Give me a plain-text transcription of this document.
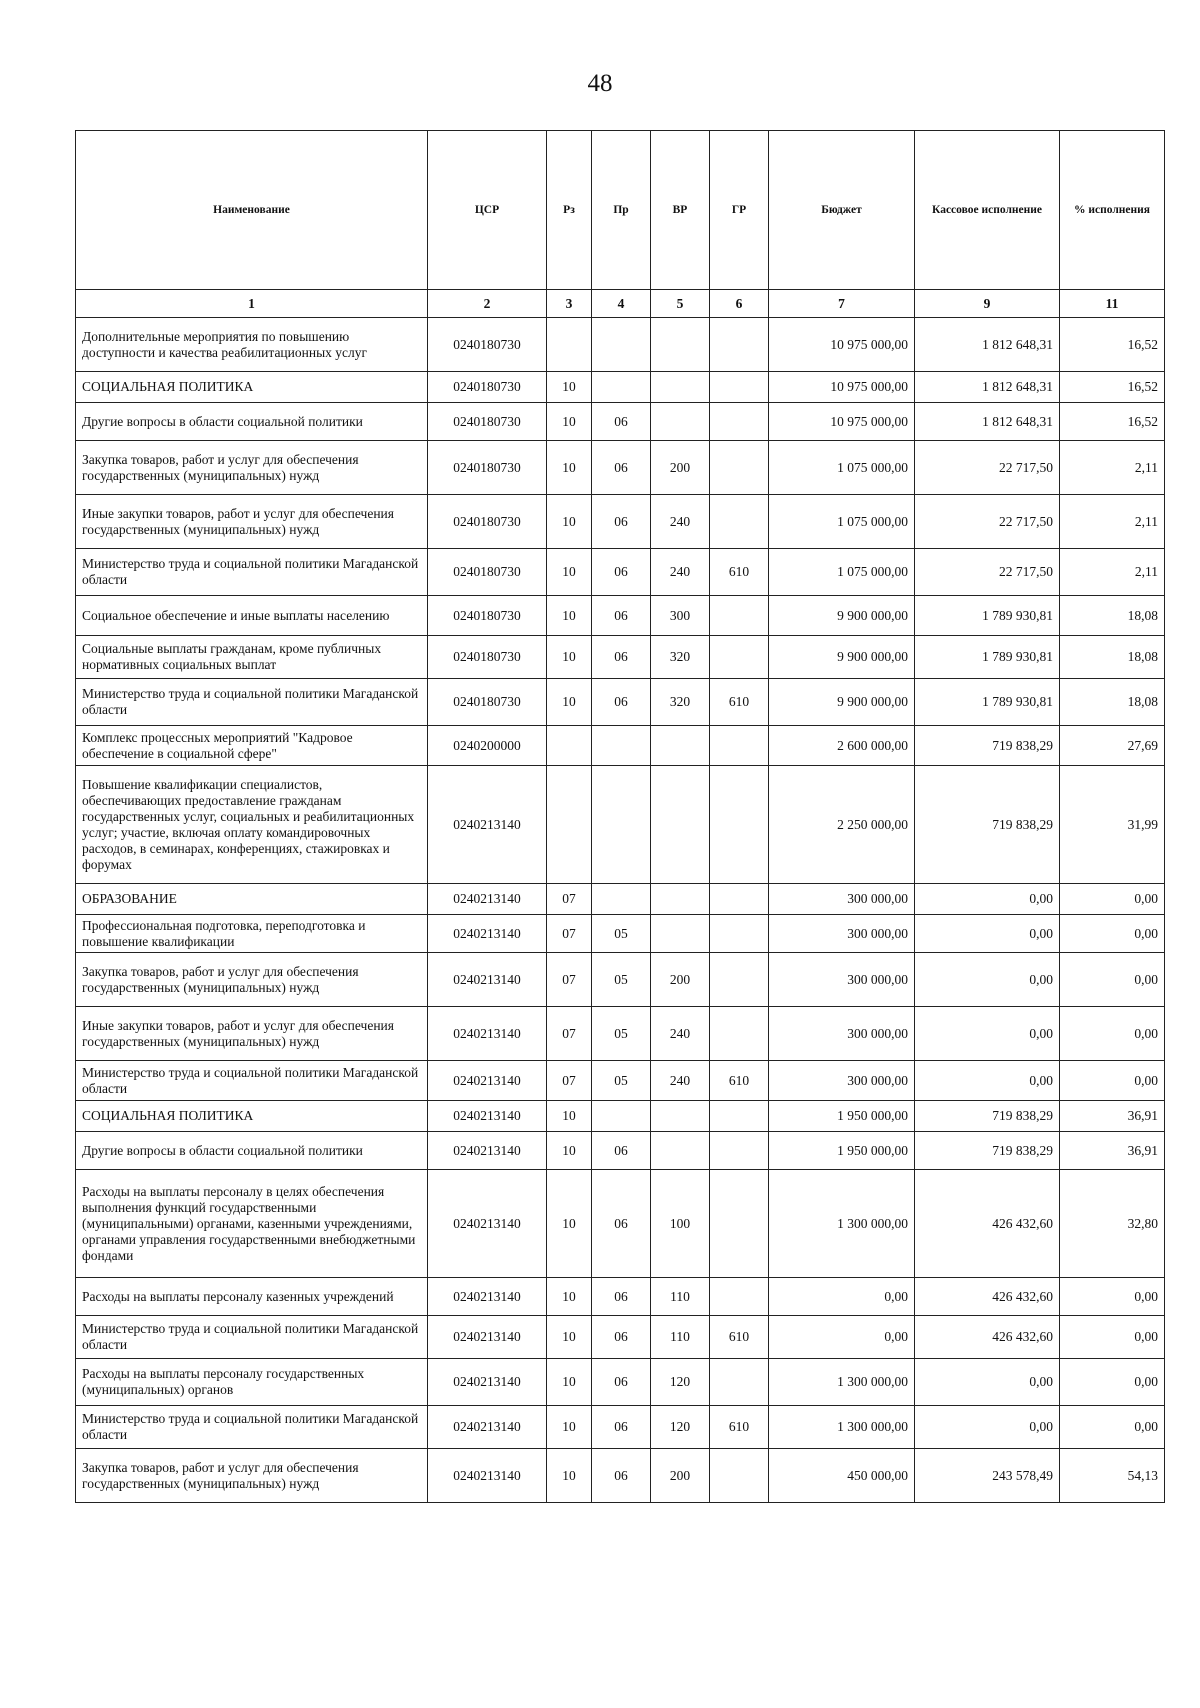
48
Наименование	ЦСР	Рз	Пр	ВР	ГР	Бюджет	Кассовое исполнение	% исполнения
1	2	3	4	5	6	7	9	11
Дополнительные мероприятия по повышению доступности и качества реабилитационных услуг	0240180730					10 975 000,00	1 812 648,31	16,52
СОЦИАЛЬНАЯ ПОЛИТИКА	0240180730	10				10 975 000,00	1 812 648,31	16,52
Другие вопросы в области социальной политики	0240180730	10	06			10 975 000,00	1 812 648,31	16,52
Закупка товаров, работ и услуг для обеспечения государственных (муниципальных) нужд	0240180730	10	06	200		1 075 000,00	22 717,50	2,11
Иные закупки товаров, работ и услуг для обеспечения государственных (муниципальных) нужд	0240180730	10	06	240		1 075 000,00	22 717,50	2,11
Министерство труда и социальной политики Магаданской области	0240180730	10	06	240	610	1 075 000,00	22 717,50	2,11
Социальное обеспечение и иные выплаты населению	0240180730	10	06	300		9 900 000,00	1 789 930,81	18,08
Социальные выплаты гражданам, кроме публичных нормативных социальных выплат	0240180730	10	06	320		9 900 000,00	1 789 930,81	18,08
Министерство труда и социальной политики Магаданской области	0240180730	10	06	320	610	9 900 000,00	1 789 930,81	18,08
Комплекс процессных мероприятий "Кадровое обеспечение в социальной сфере"	0240200000					2 600 000,00	719 838,29	27,69
Повышение квалификации специалистов, обеспечивающих предоставление гражданам государственных услуг, социальных и реабилитационных услуг; участие, включая оплату командировочных расходов, в семинарах, конференциях, стажировках и форумах	0240213140					2 250 000,00	719 838,29	31,99
ОБРАЗОВАНИЕ	0240213140	07				300 000,00	0,00	0,00
Профессиональная подготовка, переподготовка и повышение квалификации	0240213140	07	05			300 000,00	0,00	0,00
Закупка товаров, работ и услуг для обеспечения государственных (муниципальных) нужд	0240213140	07	05	200		300 000,00	0,00	0,00
Иные закупки товаров, работ и услуг для обеспечения государственных (муниципальных) нужд	0240213140	07	05	240		300 000,00	0,00	0,00
Министерство труда и социальной политики Магаданской области	0240213140	07	05	240	610	300 000,00	0,00	0,00
СОЦИАЛЬНАЯ ПОЛИТИКА	0240213140	10				1 950 000,00	719 838,29	36,91
Другие вопросы в области социальной политики	0240213140	10	06			1 950 000,00	719 838,29	36,91
Расходы на выплаты персоналу в целях обеспечения выполнения функций государственными (муниципальными) органами, казенными учреждениями, органами управления государственными внебюджетными фондами	0240213140	10	06	100		1 300 000,00	426 432,60	32,80
Расходы на выплаты персоналу казенных учреждений	0240213140	10	06	110		0,00	426 432,60	0,00
Министерство труда и социальной политики Магаданской области	0240213140	10	06	110	610	0,00	426 432,60	0,00
Расходы на выплаты персоналу государственных (муниципальных) органов	0240213140	10	06	120		1 300 000,00	0,00	0,00
Министерство труда и социальной политики Магаданской области	0240213140	10	06	120	610	1 300 000,00	0,00	0,00
Закупка товаров, работ и услуг для обеспечения государственных (муниципальных) нужд	0240213140	10	06	200		450 000,00	243 578,49	54,13
